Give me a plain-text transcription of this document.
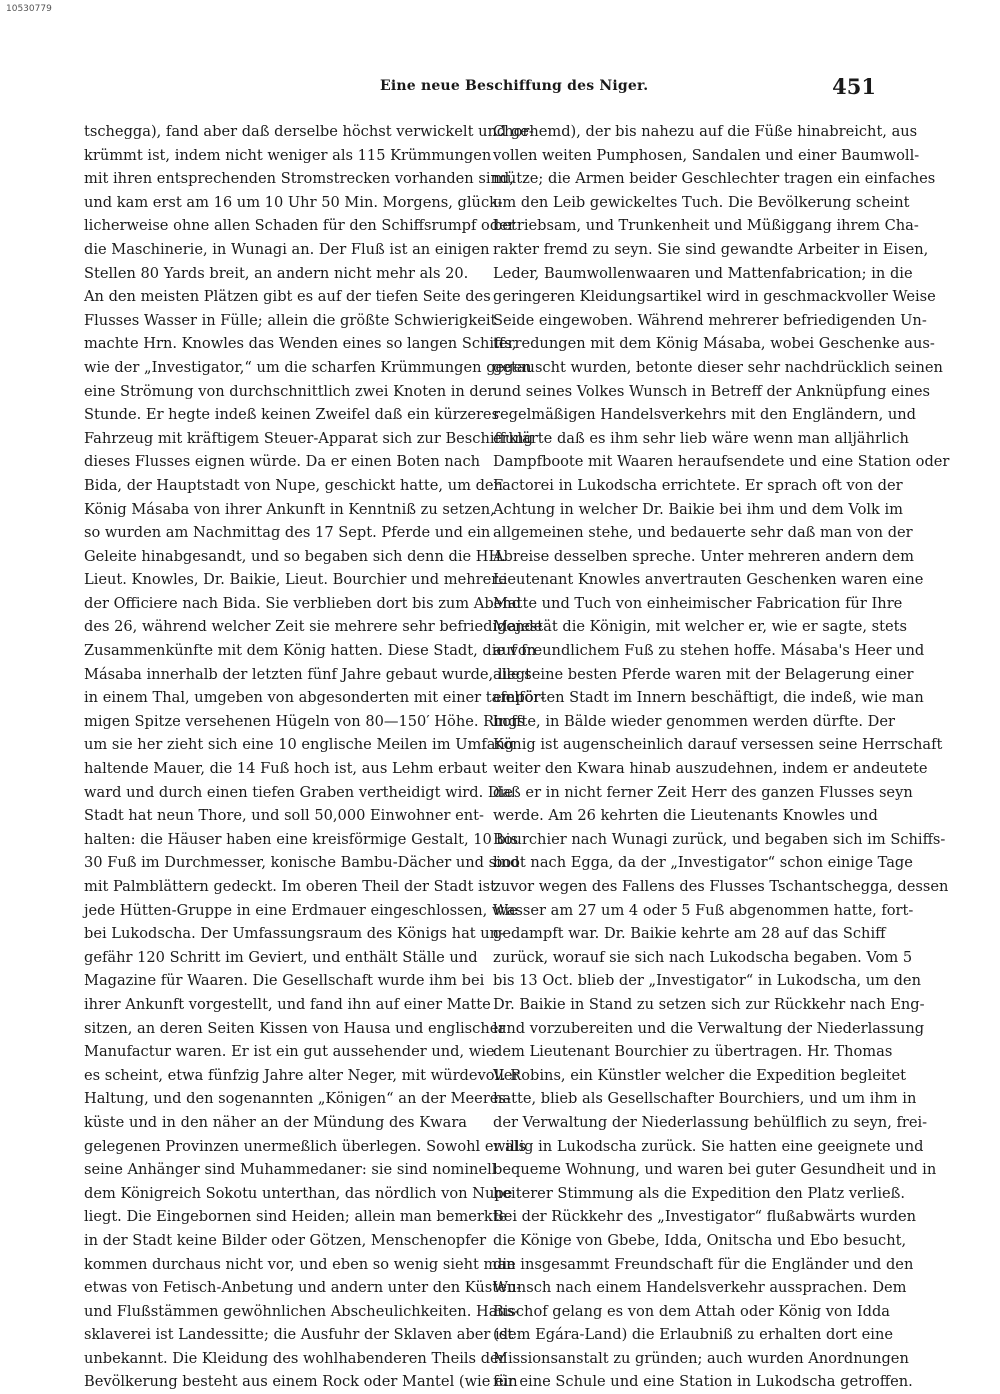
10530779
Eine neue Beschiffung des Niger.	451
tschegga), fand aber daß derselbe höchst verwickelt und ge-
krümmt ist, indem nicht weniger als 115 Krümmungen
mit ihren entsprechenden Stromstrecken vorhanden sind,
und kam erst am 16 um 10 Uhr 50 Min. Morgens, glück-
licherweise ohne allen Schaden für den Schiffsrumpf oder
die Maschinerie, in Wunagi an. Der Fluß ist an einigen
Stellen 80 Yards breit, an andern nicht mehr als 20.
An den meisten Plätzen gibt es auf der tiefen Seite des
Flusses Wasser in Fülle; allein die größte Schwierigkeit
machte Hrn. Knowles das Wenden eines so langen Schiffs,
wie der „Investigator,“ um die scharfen Krümmungen gegen
eine Strömung von durchschnittlich zwei Knoten in der
Stunde. Er hegte indeß keinen Zweifel daß ein kürzeres
Fahrzeug mit kräftigem Steuer-Apparat sich zur Beschiffung
dieses Flusses eignen würde. Da er einen Boten nach
Bida, der Hauptstadt von Nupe, geschickt hatte, um den
König Másaba von ihrer Ankunft in Kenntniß zu setzen,
so wurden am Nachmittag des 17 Sept. Pferde und ein
Geleite hinabgesandt, und so begaben sich denn die HH.
Lieut. Knowles, Dr. Baikie, Lieut. Bourchier und mehrere
der Officiere nach Bida. Sie verblieben dort bis zum Abend
des 26, während welcher Zeit sie mehrere sehr befriedigende
Zusammenkünfte mit dem König hatten. Diese Stadt, die von
Másaba innerhalb der letzten fünf Jahre gebaut wurde, liegt
in einem Thal, umgeben von abgesonderten mit einer tafelför-
migen Spitze versehenen Hügeln von 80—150′ Höhe. Rings
um sie her zieht sich eine 10 englische Meilen im Umfang
haltende Mauer, die 14 Fuß hoch ist, aus Lehm erbaut
ward und durch einen tiefen Graben vertheidigt wird. Die
Stadt hat neun Thore, und soll 50,000 Einwohner ent-
halten: die Häuser haben eine kreisförmige Gestalt, 10 bis
30 Fuß im Durchmesser, konische Bambu-Dächer und sind
mit Palmblättern gedeckt. Im oberen Theil der Stadt ist
jede Hütten-Gruppe in eine Erdmauer eingeschlossen, wie
bei Lukodscha. Der Umfassungsraum des Königs hat un-
gefähr 120 Schritt im Geviert, und enthält Ställe und
Magazine für Waaren. Die Gesellschaft wurde ihm bei
ihrer Ankunft vorgestellt, und fand ihn auf einer Matte
sitzen, an deren Seiten Kissen von Hausa und englischer
Manufactur waren. Er ist ein gut aussehender und, wie
es scheint, etwa fünfzig Jahre alter Neger, mit würdevoller
Haltung, und den sogenannten „Königen“ an der Meeres-
küste und in den näher an der Mündung des Kwara
gelegenen Provinzen unermeßlich überlegen. Sowohl er als
seine Anhänger sind Muhammedaner: sie sind nominell
dem Königreich Sokotu unterthan, das nördlich von Nupe
liegt. Die Eingebornen sind Heiden; allein man bemerkte
in der Stadt keine Bilder oder Götzen, Menschenopfer
kommen durchaus nicht vor, und eben so wenig sieht man
etwas von Fetisch-Anbetung und andern unter den Küsten-
und Flußstämmen gewöhnlichen Abscheulichkeiten. Haus-
sklaverei ist Landessitte; die Ausfuhr der Sklaven aber ist
unbekannt. Die Kleidung des wohlhabenderen Theils der
Bevölkerung besteht aus einem Rock oder Mantel (wie ein
Chorhemd), der bis nahezu auf die Füße hinabreicht, aus
vollen weiten Pumphosen, Sandalen und einer Baumwoll-
mütze; die Armen beider Geschlechter tragen ein einfaches
um den Leib gewickeltes Tuch. Die Bevölkerung scheint
betriebsam, und Trunkenheit und Müßiggang ihrem Cha-
rakter fremd zu seyn. Sie sind gewandte Arbeiter in Eisen,
Leder, Baumwollenwaaren und Mattenfabrication; in die
geringeren Kleidungsartikel wird in geschmackvoller Weise
Seide eingewoben. Während mehrerer befriedigenden Un-
terredungen mit dem König Másaba, wobei Geschenke aus-
getauscht wurden, betonte dieser sehr nachdrücklich seinen
und seines Volkes Wunsch in Betreff der Anknüpfung eines
regelmäßigen Handelsverkehrs mit den Engländern, und
erklärte daß es ihm sehr lieb wäre wenn man alljährlich
Dampfboote mit Waaren heraufsendete und eine Station oder
Factorei in Lukodscha errichtete. Er sprach oft von der
Achtung in welcher Dr. Baikie bei ihm und dem Volk im
allgemeinen stehe, und bedauerte sehr daß man von der
Abreise desselben spreche. Unter mehreren andern dem
Lieutenant Knowles anvertrauten Geschenken waren eine
Matte und Tuch von einheimischer Fabrication für Ihre
Majestät die Königin, mit welcher er, wie er sagte, stets
auf freundlichem Fuß zu stehen hoffe. Másaba's Heer und
alle seine besten Pferde waren mit der Belagerung einer
empörten Stadt im Innern beschäftigt, die indeß, wie man
hoffte, in Bälde wieder genommen werden dürfte. Der
König ist augenscheinlich darauf versessen seine Herrschaft
weiter den Kwara hinab auszudehnen, indem er andeutete
daß er in nicht ferner Zeit Herr des ganzen Flusses seyn
werde. Am 26 kehrten die Lieutenants Knowles und
Bourchier nach Wunagi zurück, und begaben sich im Schiffs-
boot nach Egga, da der „Investigator“ schon einige Tage
zuvor wegen des Fallens des Flusses Tschantschegga, dessen
Wasser am 27 um 4 oder 5 Fuß abgenommen hatte, fort-
gedampft war. Dr. Baikie kehrte am 28 auf das Schiff
zurück, worauf sie sich nach Lukodscha begaben. Vom 5
bis 13 Oct. blieb der „Investigator“ in Lukodscha, um den
Dr. Baikie in Stand zu setzen sich zur Rückkehr nach Eng-
land vorzubereiten und die Verwaltung der Niederlassung
dem Lieutenant Bourchier zu übertragen. Hr. Thomas
V. Robins, ein Künstler welcher die Expedition begleitet
hatte, blieb als Gesellschafter Bourchiers, und um ihm in
der Verwaltung der Niederlassung behülflich zu seyn, frei-
willig in Lukodscha zurück. Sie hatten eine geeignete und
bequeme Wohnung, und waren bei guter Gesundheit und in
heiterer Stimmung als die Expedition den Platz verließ.
Bei der Rückkehr des „Investigator“ flußabwärts wurden
die Könige von Gbebe, Idda, Onitscha und Ebo besucht,
die insgesammt Freundschaft für die Engländer und den
Wunsch nach einem Handelsverkehr aussprachen. Dem
Bischof gelang es von dem Attah oder König von Idda
(dem Egára-Land) die Erlaubniß zu erhalten dort eine
Missionsanstalt zu gründen; auch wurden Anordnungen
für eine Schule und eine Station in Lukodscha getroffen.
